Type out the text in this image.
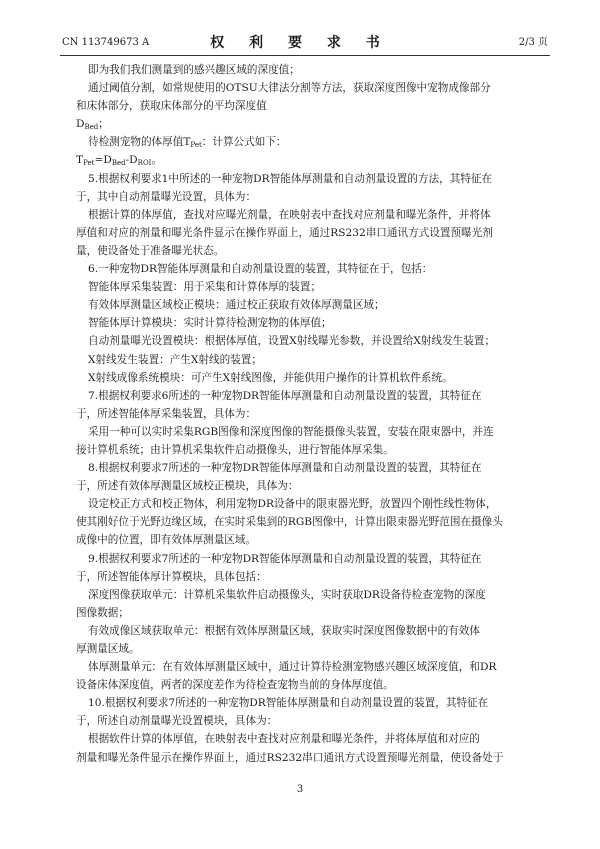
CN 113749673 A	权 利 要 求 书	2/3 页

即为我们我们测量到的感兴趣区域的深度值；

通过阈值分割，如常规使用的OTSU大律法分割等方法，获取深度图像中宠物成像部分

和床体部分，获取床体部分的平均深度值

$D_{Bed}$；

待检测宠物的体厚值$T_{Pet}$：计算公式如下：

$T_{Pet}=D_{Bed}-D_{ROI}$。

5.根据权利要求1中所述的一种宠物DR智能体厚测量和自动剂量设置的方法，其特征在

于，其中自动剂量曝光设置，具体为：

根据计算的体厚值，查找对应曝光剂量，在映射表中查找对应剂量和曝光条件，并将体

厚值和对应的剂量和曝光条件显示在操作界面上，通过RS232串口通讯方式设置预曝光剂

量，使设备处于准备曝光状态。

6.一种宠物DR智能体厚测量和自动剂量设置的装置，其特征在于，包括：

智能体厚采集装置：用于采集和计算体厚的装置；

有效体厚测量区域校正模块：通过校正获取有效体厚测量区域；

智能体厚计算模块：实时计算待检测宠物的体厚值；

自动剂量曝光设置模块：根据体厚值，设置X射线曝光参数，并设置给X射线发生装置；

X射线发生装置：产生X射线的装置；

X射线成像系统模块：可产生X射线图像，并能供用户操作的计算机软件系统。

7.根据权利要求6所述的一种宠物DR智能体厚测量和自动剂量设置的装置，其特征在

于，所述智能体厚采集装置，具体为：

采用一种可以实时采集RGB图像和深度图像的智能摄像头装置，安装在限束器中，并连

接计算机系统；由计算机采集软件启动摄像头，进行智能体厚采集。

8.根据权利要求7所述的一种宠物DR智能体厚测量和自动剂量设置的装置，其特征在

于，所述有效体厚测量区域校正模块，具体为：

设定校正方式和校正物体，利用宠物DR设备中的限束器光野，放置四个刚性线性物体，

使其刚好位于光野边缘区域，在实时采集到的RGB图像中，计算出限束器光野范围在摄像头

成像中的位置，即有效体厚测量区域。

9.根据权利要求7所述的一种宠物DR智能体厚测量和自动剂量设置的装置，其特征在

于，所述智能体厚计算模块，具体包括：

深度图像获取单元：计算机采集软件启动摄像头，实时获取DR设备待检查宠物的深度

图像数据；

有效成像区域获取单元：根据有效体厚测量区域，获取实时深度图像数据中的有效体

厚测量区域。

体厚测量单元：在有效体厚测量区域中，通过计算待检测宠物感兴趣区域深度值，和DR

设备床体深度值，两者的深度差作为待检查宠物当前的身体厚度值。

10.根据权利要求7所述的一种宠物DR智能体厚测量和自动剂量设置的装置，其特征在

于，所述自动剂量曝光设置模块，具体为：

根据软件计算的体厚值，在映射表中查找对应剂量和曝光条件，并将体厚值和对应的

剂量和曝光条件显示在操作界面上，通过RS232串口通讯方式设置预曝光剂量，使设备处于

3
